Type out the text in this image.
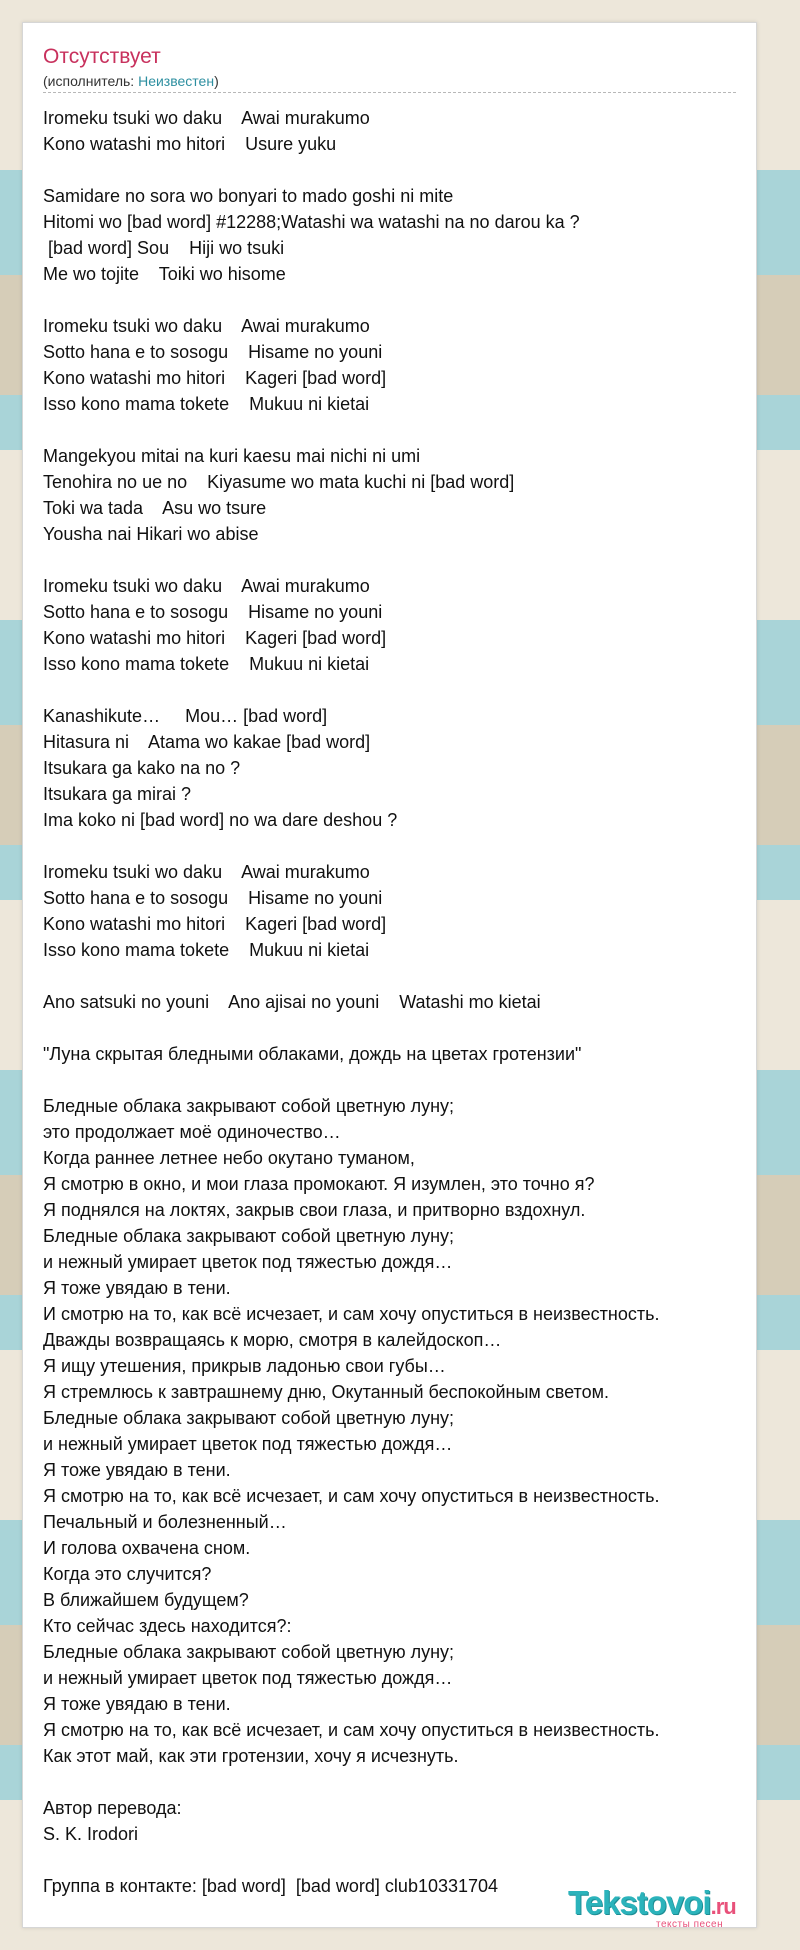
Отсутствует
(исполнитель: Неизвестен)
Iromeku tsuki wo daku    Awai murakumo
Kono watashi mo hitori    Usure yuku
Samidare no sora wo bonyari to mado goshi ni mite
Hitomi wo [bad word] #12288;Watashi wa watashi na no darou ka ?
[bad word] Sou    Hiji wo tsuki
Me wo tojite    Toiki wo hisome
Iromeku tsuki wo daku    Awai murakumo
Sotto hana e to sosogu    Hisame no youni
Kono watashi mo hitori    Kageri [bad word]
Isso kono mama tokete    Mukuu ni kietai
Mangekyou mitai na kuri kaesu mai nichi ni umi
Tenohira no ue no    Kiyasume wo mata kuchi ni [bad word]
Toki wa tada    Asu wo tsure
Yousha nai Hikari wo abise
Iromeku tsuki wo daku    Awai murakumo
Sotto hana e to sosogu    Hisame no youni
Kono watashi mo hitori    Kageri [bad word]
Isso kono mama tokete    Mukuu ni kietai
Kanashikute…     Mou… [bad word]
Hitasura ni    Atama wo kakae [bad word]
Itsukara ga kako na no ?
Itsukara ga mirai ?
Ima koko ni [bad word] no wa dare deshou ?
Iromeku tsuki wo daku    Awai murakumo
Sotto hana e to sosogu    Hisame no youni
Kono watashi mo hitori    Kageri [bad word]
Isso kono mama tokete    Mukuu ni kietai
Ano satsuki no youni    Ano ajisai no youni    Watashi mo kietai
"Луна скрытая бледными облаками, дождь на цветах гротензии"
Бледные облака закрывают собой цветную луну;
это продолжает моё одиночество…
Когда раннее летнее небо окутано туманом,
Я смотрю в окно, и мои глаза промокают. Я изумлен, это точно я?
Я поднялся на локтях, закрыв свои глаза, и притворно вздохнул.
Бледные облака закрывают собой цветную луну;
и нежный умирает цветок под тяжестью дождя…
Я тоже увядаю в тени.
И смотрю на то, как всё исчезает, и сам хочу опуститься в неизвестность.
Дважды возвращаясь к морю, смотря в калейдоскоп…
Я ищу утешения, прикрыв ладонью свои губы…
Я стремлюсь к завтрашнему дню, Окутанный беспокойным светом.
Бледные облака закрывают собой цветную луну;
и нежный умирает цветок под тяжестью дождя…
Я тоже увядаю в тени.
Я смотрю на то, как всё исчезает, и сам хочу опуститься в неизвестность.
Печальный и болезненный…
И голова охвачена сном.
Когда это случится?
В ближайшем будущем?
Кто сейчас здесь находится?:
Бледные облака закрывают собой цветную луну;
и нежный умирает цветок под тяжестью дождя…
Я тоже увядаю в тени.
Я смотрю на то, как всё исчезает, и сам хочу опуститься в неизвестность.
Как этот май, как эти гротензии, хочу я исчезнуть.
Автор перевода:
S. K. Irodori
Группа в контакте: [bad word]  [bad word] club10331704	Tekstovoi.ru
тексты песен
